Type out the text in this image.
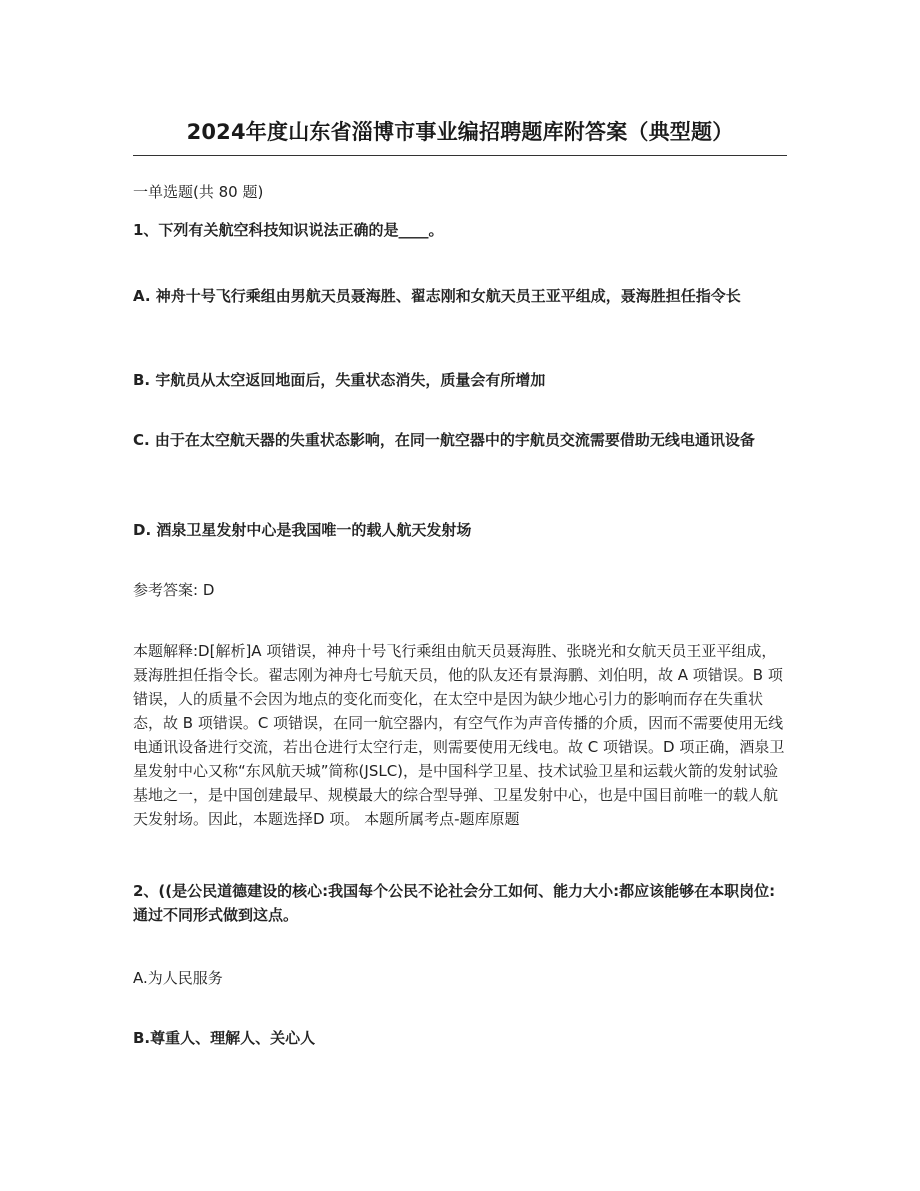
2024年度山东省淄博市事业编招聘题库附答案（典型题）
一单选题(共 80 题)
1、下列有关航空科技知识说法正确的是____。
A. 神舟十号飞行乘组由男航天员聂海胜、翟志刚和女航天员王亚平组成，聂海胜担任指令长
B. 宇航员从太空返回地面后，失重状态消失，质量会有所增加
C. 由于在太空航天器的失重状态影响，在同一航空器中的宇航员交流需要借助无线电通讯设备
D. 酒泉卫星发射中心是我国唯一的载人航天发射场
参考答案: D
本题解释:D[解析]A 项错误，神舟十号飞行乘组由航天员聂海胜、张晓光和女航天员王亚平组成，聂海胜担任指令长。翟志刚为神舟七号航天员，他的队友还有景海鹏、刘伯明，故 A 项错误。B 项错误，人的质量不会因为地点的变化而变化，在太空中是因为缺少地心引力的影响而存在失重状态，故 B 项错误。C 项错误，在同一航空器内，有空气作为声音传播的介质，因而不需要使用无线电通讯设备进行交流，若出仓进行太空行走，则需要使用无线电。故 C 项错误。D 项正确，酒泉卫星发射中心又称“东风航天城”简称(JSLC)，是中国科学卫星、技术试验卫星和运载火箭的发射试验基地之一，是中国创建最早、规模最大的综合型导弹、卫星发射中心，也是中国目前唯一的载人航天发射场。因此，本题选择D 项。 本题所属考点-题库原题
2、((是公民道德建设的核心:我国每个公民不论社会分工如何、能力大小:都应该能够在本职岗位:通过不同形式做到这点。
A.为人民服务
B.尊重人、理解人、关心人
